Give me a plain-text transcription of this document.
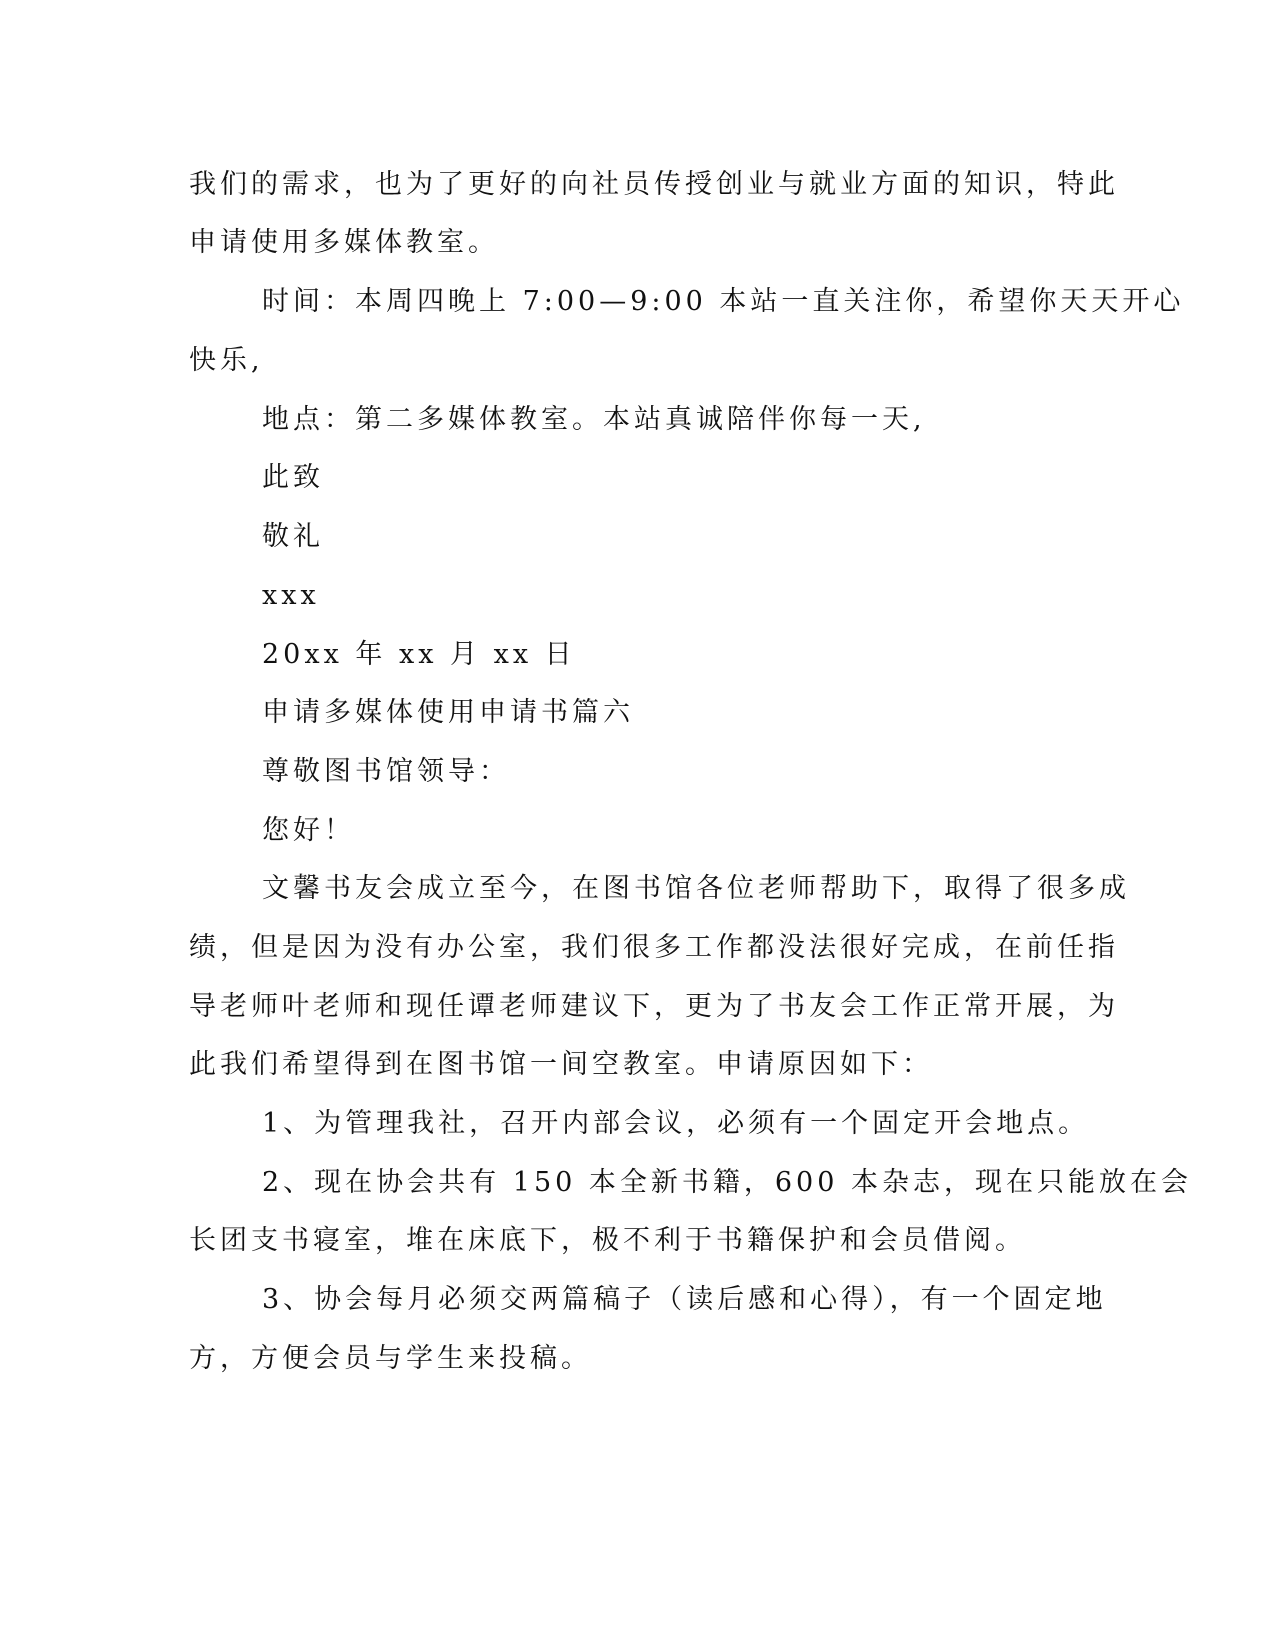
我们的需求，也为了更好的向社员传授创业与就业方面的知识，特此
申请使用多媒体教室。
时间：本周四晚上 7:00—9:00 本站一直关注你，希望你天天开心
快乐,
地点：第二多媒体教室。本站真诚陪伴你每一天,
此致
敬礼
xxx
20xx 年 xx 月 xx 日
申请多媒体使用申请书篇六
尊敬图书馆领导：
您好！
文馨书友会成立至今，在图书馆各位老师帮助下，取得了很多成
绩，但是因为没有办公室，我们很多工作都没法很好完成，在前任指
导老师叶老师和现任谭老师建议下，更为了书友会工作正常开展，为
此我们希望得到在图书馆一间空教室。申请原因如下：
1、为管理我社，召开内部会议，必须有一个固定开会地点。
2、现在协会共有 150 本全新书籍，600 本杂志，现在只能放在会
长团支书寝室，堆在床底下，极不利于书籍保护和会员借阅。
3、协会每月必须交两篇稿子（读后感和心得），有一个固定地
方，方便会员与学生来投稿。
